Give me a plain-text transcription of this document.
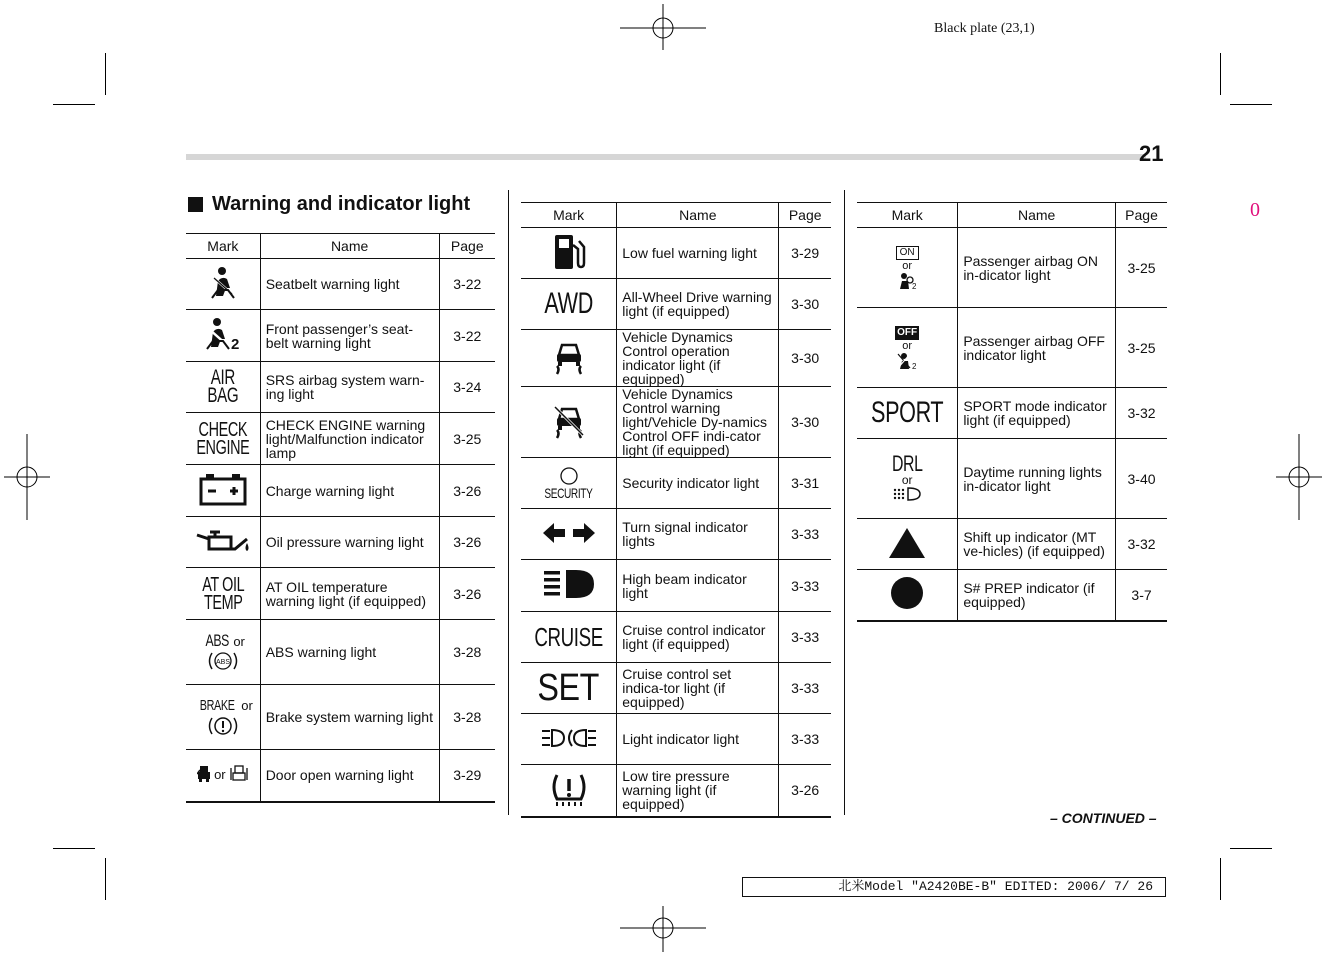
Black plate (23,1)
21
0
Warning and indicator light
Mark	Name	Page

	Seatbelt warning light	3-22

2	Front passenger’s seat-belt warning light	3-22
AIR BAG	SRS airbag system warn-ing light	3-24

CHECK
ENGINE	CHECK ENGINE warning light/Malfunction indicator lamp	3-25

	Charge warning light	3-26

	Oil pressure warning light	3-26

AT OIL
TEMP	AT OIL temperature warning light (if equipped)	3-26
ABS or

ABS	ABS warning light	3-28
BRAKE or	Brake system warning light	3-28

or	Door open warning light	3-29
Mark	Name	Page

	Low fuel warning light	3-29
AWD	All-Wheel Drive warning light (if equipped)	3-30

	Vehicle Dynamics Control operation indicator light (if equipped)	3-30

	Vehicle Dynamics Control warning light/Vehicle Dy-namics Control OFF indi-cator light (if equipped)	3-30

SECURITY	Security indicator light	3-31

	Turn signal indicator lights	3-33

	High beam indicator light	3-33
CRUISE	Cruise control indicator light (if equipped)	3-33
SET	Cruise control set indica-tor light (if equipped)	3-33

	Light indicator light	3-33

	Low tire pressure warning light (if equipped)	3-26
Mark	Name	Page
ON
or

2	Passenger airbag ON in-dicator light	3-25
OFF
or

2	Passenger airbag OFF indicator light	3-25
SPORT	SPORT mode indicator light (if equipped)	3-32
DRL
or	Daytime running lights in-dicator light	3-40

	Shift up indicator (MT ve-hicles) (if equipped)	3-32

	S# PREP indicator (if equipped)	3-7
– CONTINUED –
北米Model "A2420BE-B" EDITED: 2006/ 7/ 26
